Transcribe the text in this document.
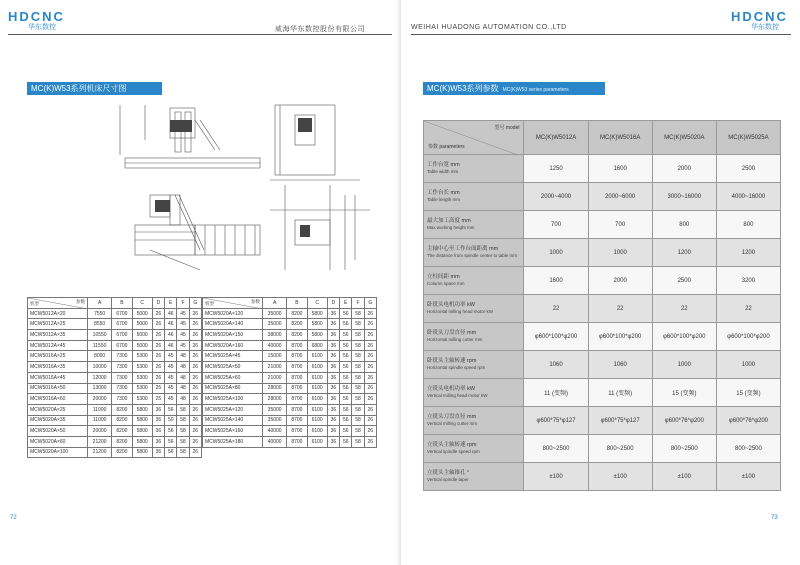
HDCNC
华东数控	威海华东数控股份有限公司
MC(K)W53系列机床尺寸图
参数
机型	A	B	C	D	E	F	G
MCW5012A×20	7550	6700	5000	26	46	45	26
MCW5012A×25	8550	6700	5000	26	46	45	26
MCW5012A×35	10550	6700	5000	26	46	45	26
MCW5012A×45	11550	6700	5000	26	46	45	26
MCW5016A×25	8000	7300	5300	26	45	48	26
MCW5016A×35	10000	7300	5300	26	45	48	26
MCW5016A×45	12000	7300	5300	26	45	48	26
MCW5016A×50	13000	7300	5300	25	45	48	26
MCW5016A×60	20000	7300	5300	25	45	48	26
MCW5020A×25	11000	8200	5800	36	56	58	26
MCW5020A×35	11000	8200	5800	36	50	58	26
MCW5020A×50	20000	8200	5800	36	56	58	26
MCW5020A×60	21200	8200	5800	36	56	58	26
MCW5020A×100	21200	8200	5800	36	56	58	26
参数
机型	A	B	C	D	E	F	G
MCW5020A×120	35000	8200	5800	36	56	58	26
MCW5020A×140	35000	8200	5800	36	56	58	26
MCW5020A×150	38000	8200	5800	36	56	58	26
MCW5020A×160	40000	8700	6800	36	56	58	26
MCW5025A×45	15000	8700	6100	36	56	58	26
MCW5025A×50	21000	8700	6100	36	56	58	26
MCW5025A×60	21000	8700	6100	36	56	58	26
MCW5025A×80	28000	8700	6100	36	56	58	26
MCW5025A×100	28000	8700	6100	36	56	58	26
MCW5025A×120	35000	8700	6100	36	56	58	26
MCW5025A×140	35000	8700	6100	36	56	58	26
MCW5025A×160	40000	8700	6100	36	56	58	26
MCW5025A×180	40000	8700	6100	36	56	58	26
72
WEIHAI HUADONG AUTOMATION CO.,LTD
HDCNC
华东数控
MC(K)W53系列参数 MC(K)W53 series parameters
型号 model
参数 parameters	MC(K)W5012A	MC(K)W5016A	MC(K)W5020A	MC(K)W5025A

工作台宽 mm
Table width mm	1250	1600	2000	2500

工作台长 mm
Table length mm	2000~4000	2000~6000	3000~16000	4000~16000

最大加工高度 mm
Max.working height mm	700	700	800	800

主轴中心至工作台面距离 mm
The distance from spindle center to table mm	1000	1000	1200	1200

立柱间距 mm
Column space mm	1600	2000	2500	3200

卧铣头电机功率 kW
Horizontal milling head motor kW	22	22	22	22

卧铣头刀盘直径 mm
Horizontal milling cutter mm	φ600*100*φ200	φ600*100*φ200	φ600*100*φ200	φ600*100*φ200

卧铣头主轴转速 rpm
Horizontal spindle speed rpm	1060	1060	1000	1000

立铣头电机功率 kW
Vertical milling head motor kW	11 (变频)	11 (变频)	15 (变频)	15 (变频)

立铣头刀盘直径 mm
Vertical milling cutter mm	φ600*75*φ127	φ600*75*φ127	φ600*76*φ200	φ600*76*φ200

立铣头主轴转速 rpm
Vertical spindle speed rpm	800~2500	800~2500	800~2500	800~2500

立铣头主轴锥孔 °
Vertical spindle taper	±100	±100	±100	±100
73
